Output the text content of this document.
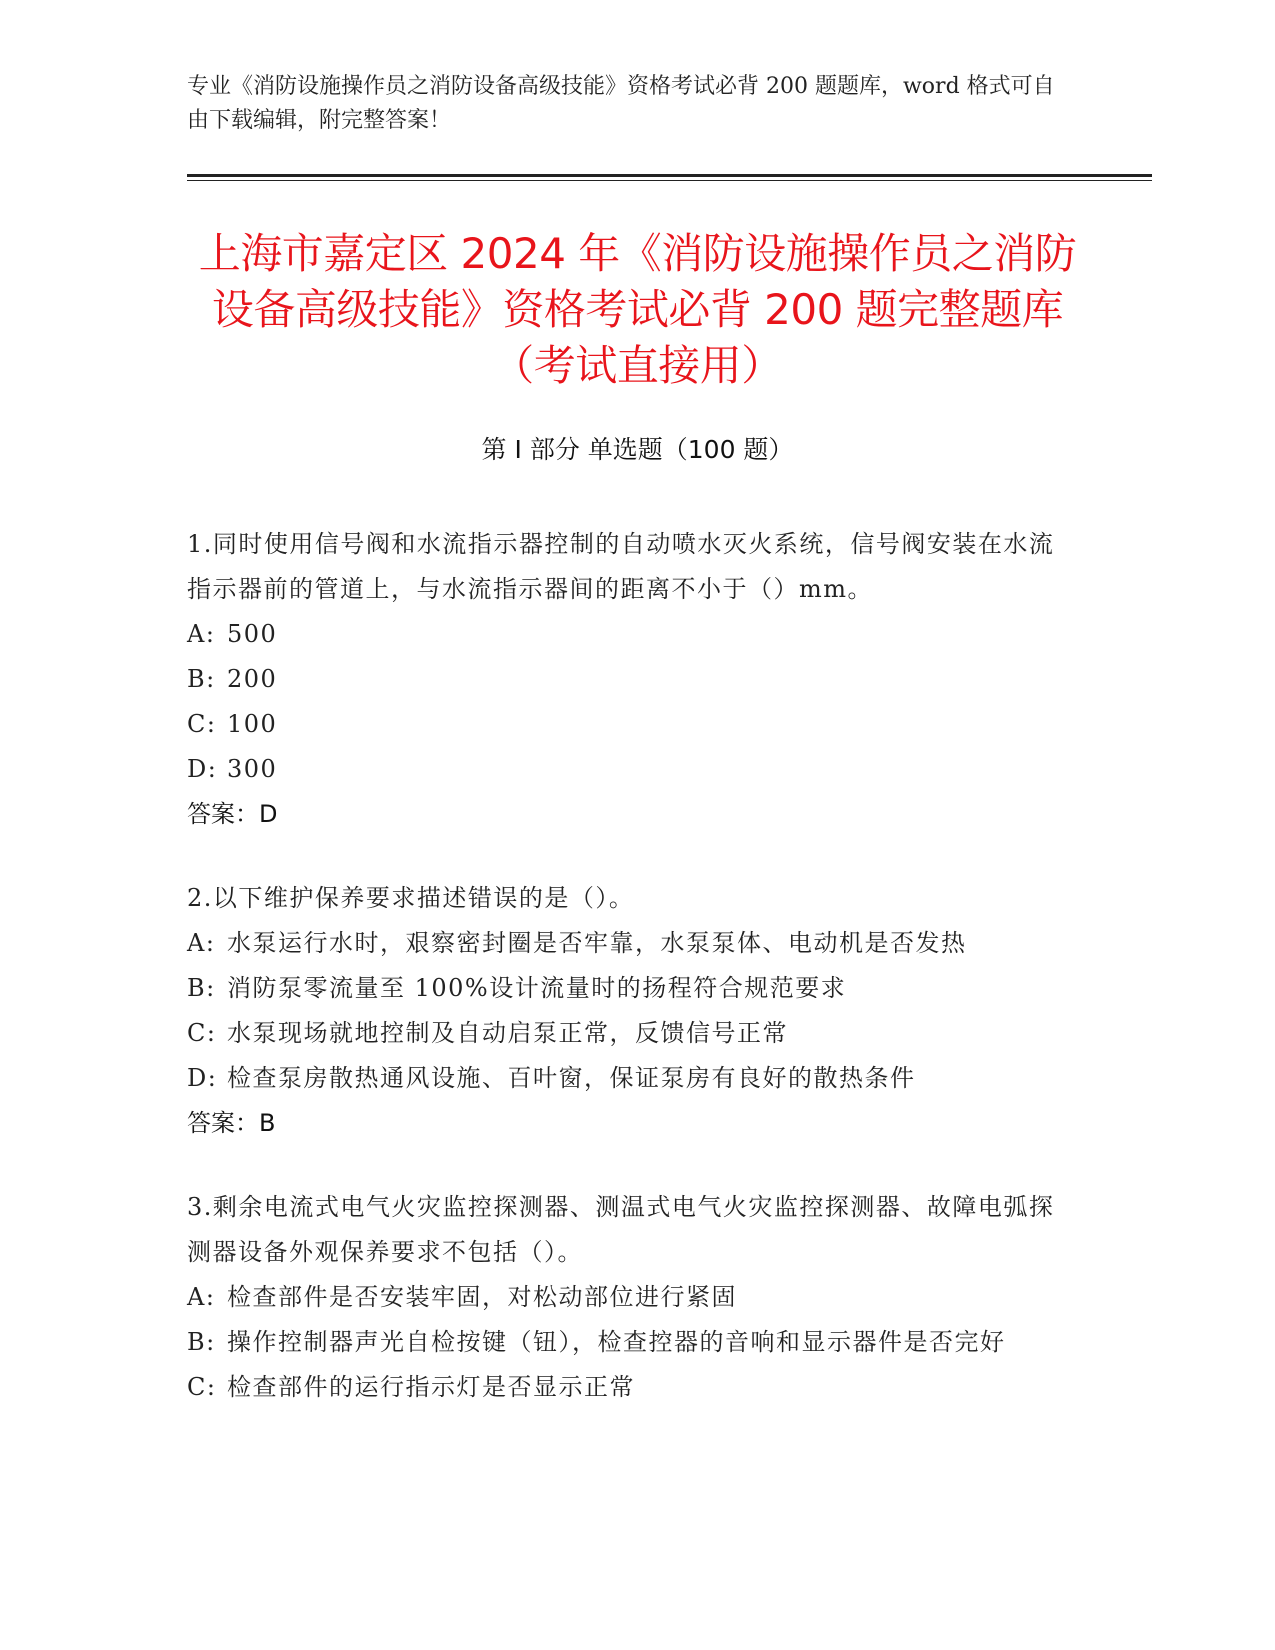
专业《消防设施操作员之消防设备高级技能》资格考试必背 200 题题库，word 格式可自由下载编辑，附完整答案！
上海市嘉定区 2024 年《消防设施操作员之消防设备高级技能》资格考试必背 200 题完整题库（考试直接用）
第 I 部分 单选题（100 题）
1.同时使用信号阀和水流指示器控制的自动喷水灭火系统，信号阀安装在水流指示器前的管道上，与水流指示器间的距离不小于（）mm。
A: 500
B: 200
C: 100
D: 300
答案：D
2.以下维护保养要求描述错误的是（）。
A: 水泵运行水时，艰察密封圈是否牢靠，水泵泵体、电动机是否发热
B: 消防泵零流量至 100%设计流量时的扬程符合规范要求
C: 水泵现场就地控制及自动启泵正常，反馈信号正常
D: 检查泵房散热通风设施、百叶窗，保证泵房有良好的散热条件
答案：B
3.剩余电流式电气火灾监控探测器、测温式电气火灾监控探测器、故障电弧探测器设备外观保养要求不包括（）。
A: 检查部件是否安装牢固，对松动部位进行紧固
B: 操作控制器声光自检按键（钮），检查控器的音响和显示器件是否完好
C: 检查部件的运行指示灯是否显示正常
